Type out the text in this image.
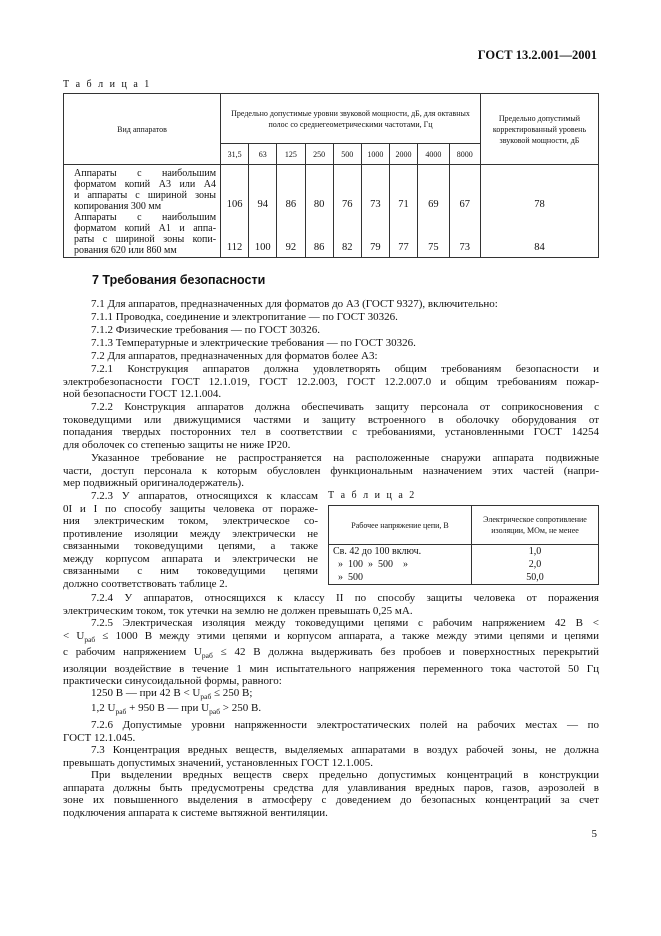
ГОСТ 13.2.001—2001
Т а б л и ц а 1
Вид аппаратов	Предельно допустимые уровни звуковой мощности, дБ, для октавных полос со среднегеометрическими частотами, Гц									Предельно допустимый корректированный уровень звуковой мощности, дБ
	31,5	63	125	250	500	1000	2000	4000	8000	

Аппараты с наибольшим
форматом копий А3 или А4
и аппараты с шириной зоны
копирования 300 мм	106	94	86	80	76	73	71	69	67	78

Аппараты с наибольшим
форматом копий А1 и аппа-
раты с шириной зоны копи-
рования 620 или 860 мм	112	100	92	86	82	79	77	75	73	84
7 Требования безопасности
7.1 Для аппаратов, предназначенных для форматов до А3 (ГОСТ 9327), включительно:
7.1.1 Проводка, соединение и электропитание — по ГОСТ 30326.
7.1.2 Физические требования — по ГОСТ 30326.
7.1.3 Температурные и электрические требования — по ГОСТ 30326.
7.2 Для аппаратов, предназначенных для форматов более А3:
7.2.1 Конструкция аппаратов должна удовлетворять общим требованиям безопасности и
электробезопасности ГОСТ 12.1.019, ГОСТ 12.2.003, ГОСТ 12.2.007.0 и общим требованиям пожар-
ной безопасности ГОСТ 12.1.004.
7.2.2 Конструкция аппаратов должна обеспечивать защиту персонала от соприкосновения с
токоведущими или движущимися частями и защиту встроенного в оболочку оборудования от
попадания твердых посторонних тел в соответствии с требованиями, установленными ГОСТ 14254
для оболочек со степенью защиты не ниже IP20.
Указанное требование не распространяется на расположенные снаружи аппарата подвижные
части, доступ персонала к которым обусловлен функциональным назначением этих частей (напри-
мер подвижный оригиналодержатель).
7.2.3 У аппаратов, относящихся к классам
0I и I по способу защиты человека от пораже-
ния электрическим током, электрическое со-
противление изоляции между электрически не
связанными токоведущими цепями, а также
между корпусом аппарата и электрически не
связанными с ним токоведущими цепями
должно соответствовать таблице 2.
Т а б л и ц а 2
Рабочее напряжение цепи, В	Электрическое сопротивление изоляции, МОм, не менее
Св. 42 до 100 включ.	1,0
»  100  »  500    »	2,0
»  500	50,0
7.2.4 У аппаратов, относящихся к классу II по способу защиты человека от поражения
электрическим током, ток утечки на землю не должен превышать 0,25 мА.
7.2.5 Электрическая изоляция между токоведущими цепями с рабочим напряжением 42 В <
< $U_{раб} \le 1000$ В между этими цепями и корпусом аппарата, а также между этими цепями и цепями
с рабочим напряжением $U_{раб} \le 42$ В должна выдерживать без пробоев и поверхностных перекрытий
изоляции воздействие в течение 1 мин испытательного напряжения переменного тока частотой 50 Гц
практически синусоидальной формы, равного:
1250 В — при 42 $В < U_{раб} \le 250$ В;
1,2 $U_{раб} + 950$ В — при $U_{раб} > 250$ В.
7.2.6 Допустимые уровни напряженности электростатических полей на рабочих местах — по
ГОСТ 12.1.045.
7.3 Концентрация вредных веществ, выделяемых аппаратами в воздух рабочей зоны, не должна
превышать допустимых значений, установленных ГОСТ 12.1.005.
При выделении вредных веществ сверх предельно допустимых концентраций в конструкции
аппарата должны быть предусмотрены средства для улавливания вредных паров, газов, аэрозолей в
зоне их повышенного выделения в атмосферу с доведением до безопасных концентраций за счет
подключения аппарата к системе вытяжной вентиляции.
5
